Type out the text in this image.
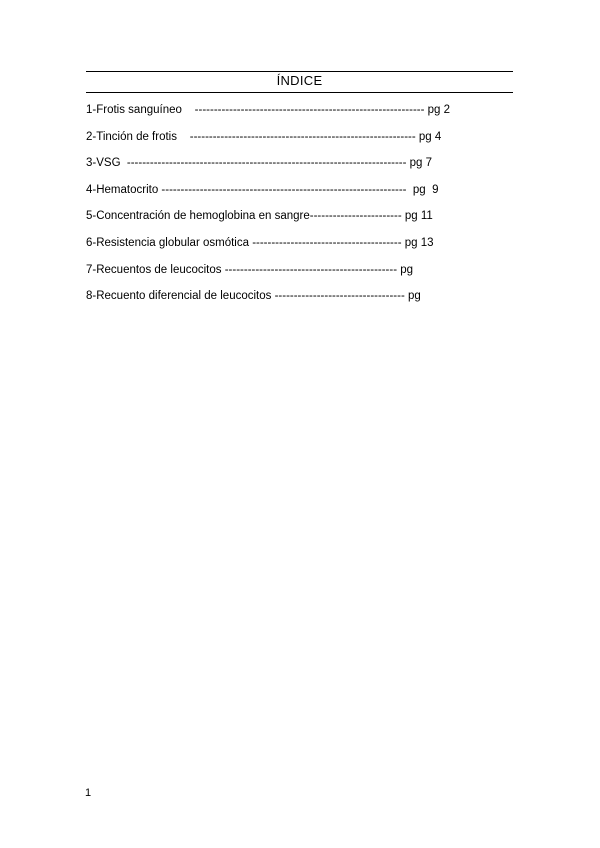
ÍNDICE
1-Frotis sanguíneo    ------------------------------------------------------------ pg 2
2-Tinción de frotis    ----------------------------------------------------------- pg 4
3-VSG  ------------------------------------------------------------------------- pg 7
4-Hematocrito ----------------------------------------------------------------  pg  9
5-Concentración de hemoglobina en sangre------------------------ pg 11
6-Resistencia globular osmótica --------------------------------------- pg 13
7-Recuentos de leucocitos --------------------------------------------- pg
8-Recuento diferencial de leucocitos ---------------------------------- pg
1
